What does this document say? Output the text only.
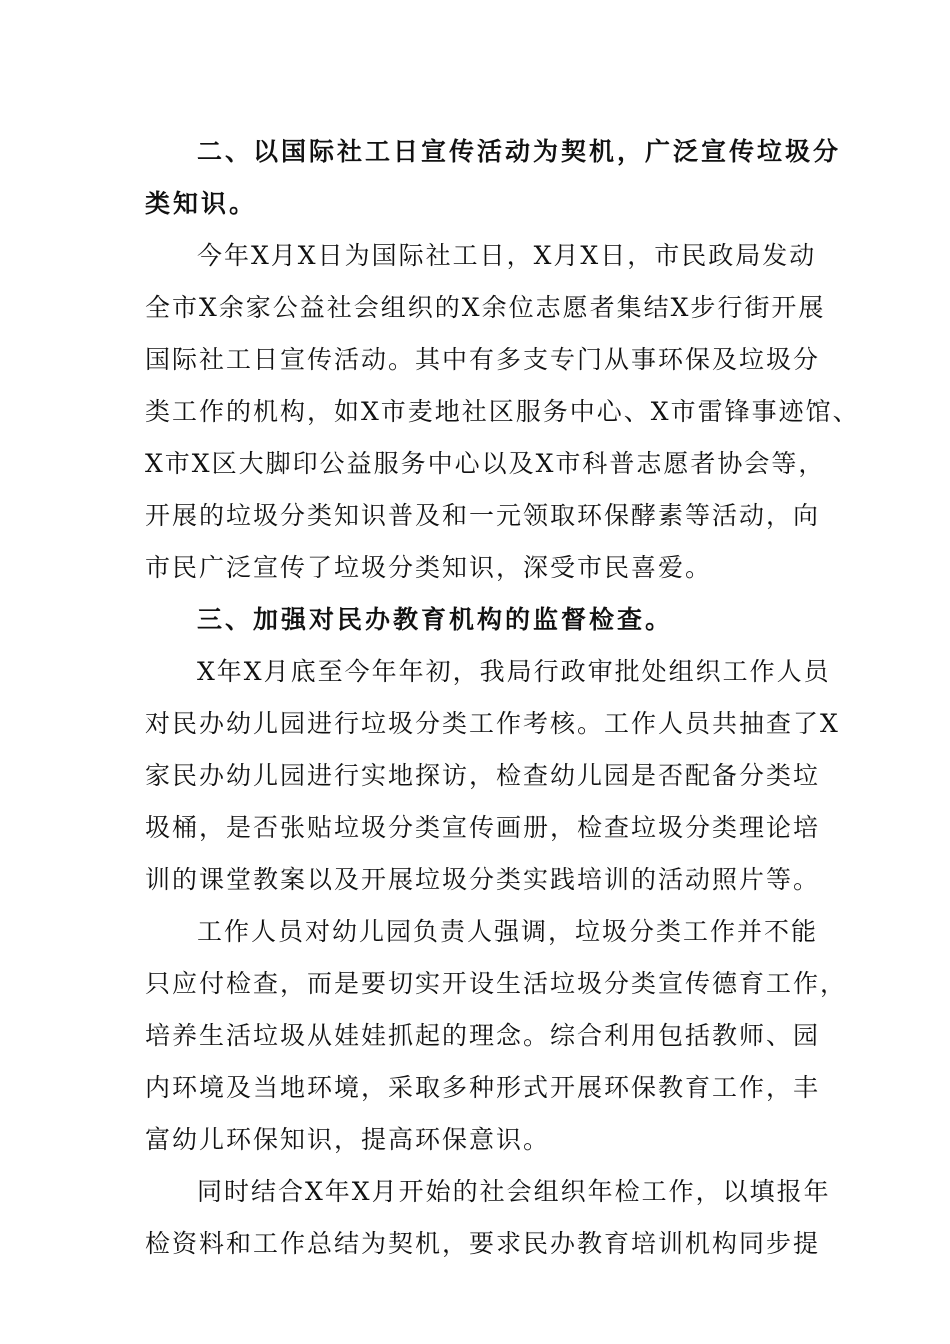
二、以国际社工日宣传活动为契机，广泛宣传垃圾分
类知识。
今年X月X日为国际社工日，X月X日，市民政局发动
全市X余家公益社会组织的X余位志愿者集结X步行街开展
国际社工日宣传活动。其中有多支专门从事环保及垃圾分
类工作的机构，如X市麦地社区服务中心、X市雷锋事迹馆、
X市X区大脚印公益服务中心以及X市科普志愿者协会等，
开展的垃圾分类知识普及和一元领取环保酵素等活动，向
市民广泛宣传了垃圾分类知识，深受市民喜爱。
三、加强对民办教育机构的监督检查。
X年X月底至今年年初，我局行政审批处组织工作人员
对民办幼儿园进行垃圾分类工作考核。工作人员共抽查了X
家民办幼儿园进行实地探访，检查幼儿园是否配备分类垃
圾桶，是否张贴垃圾分类宣传画册，检查垃圾分类理论培
训的课堂教案以及开展垃圾分类实践培训的活动照片等。
工作人员对幼儿园负责人强调，垃圾分类工作并不能
只应付检查，而是要切实开设生活垃圾分类宣传德育工作，
培养生活垃圾从娃娃抓起的理念。综合利用包括教师、园
内环境及当地环境，采取多种形式开展环保教育工作，丰
富幼儿环保知识，提高环保意识。
同时结合X年X月开始的社会组织年检工作，以填报年
检资料和工作总结为契机，要求民办教育培训机构同步提
